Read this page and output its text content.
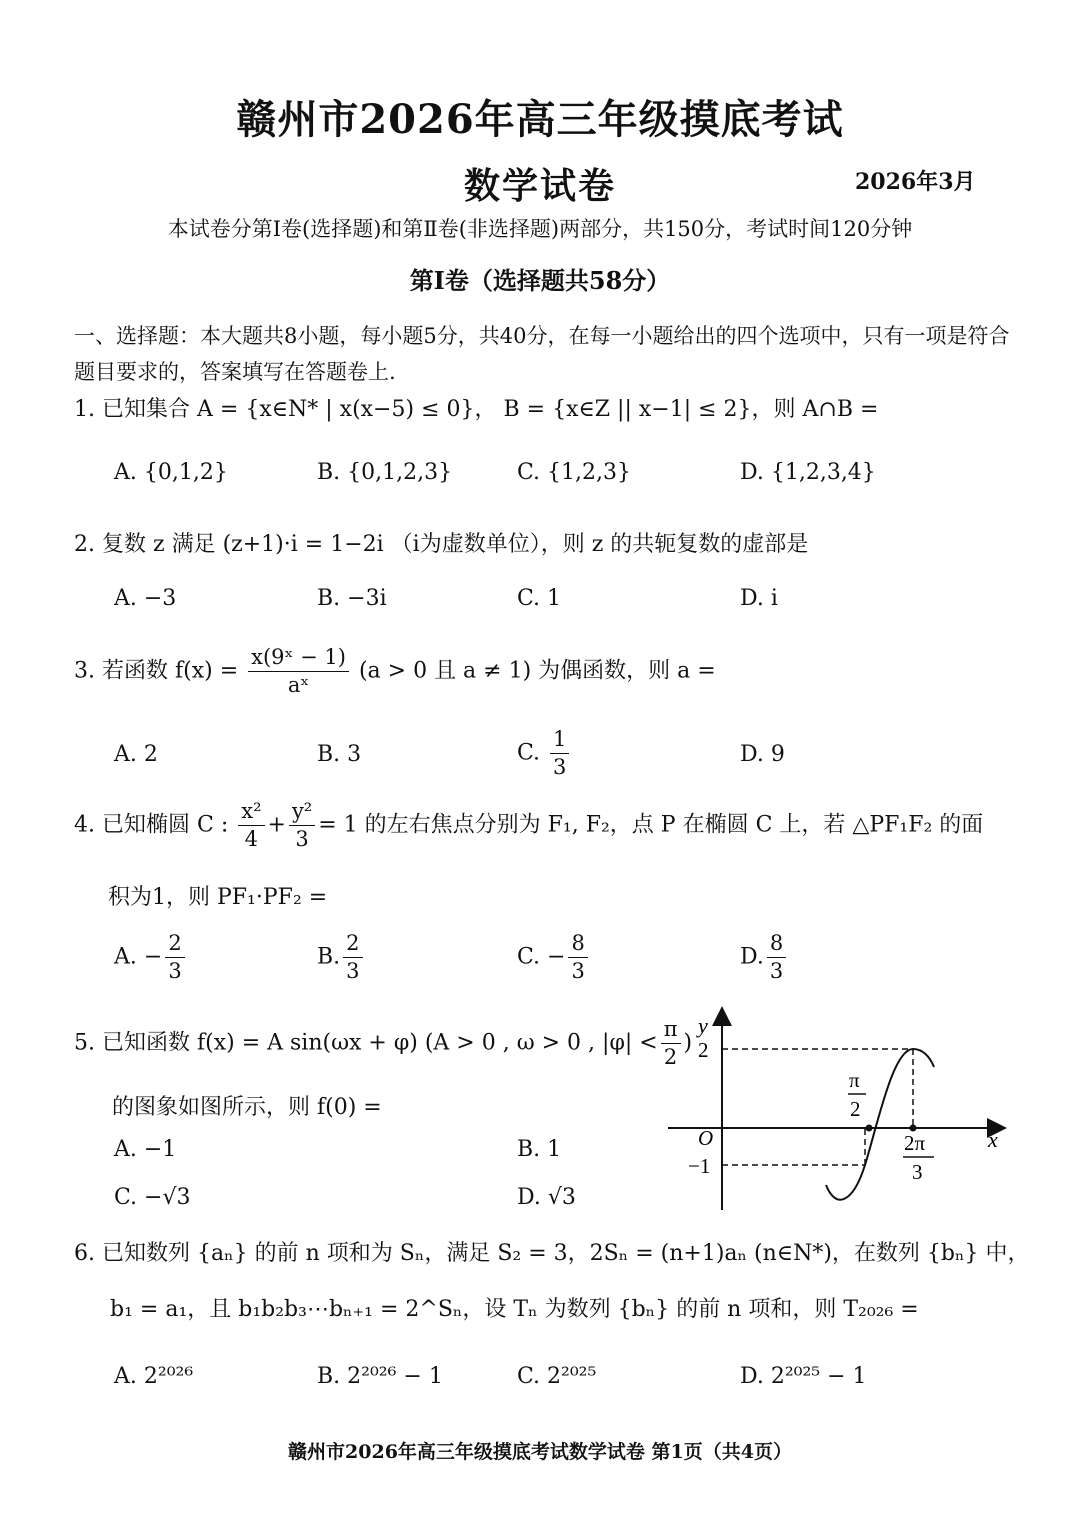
赣州市2026年高三年级摸底考试
数学试卷	2026年3月
本试卷分第Ⅰ卷(选择题)和第Ⅱ卷(非选择题)两部分，共150分，考试时间120分钟
第Ⅰ卷（选择题共58分）
一、选择题：本大题共8小题，每小题5分，共40分，在每一小题给出的四个选项中，只有一项是符合题目要求的，答案填写在答题卷上.
1. 已知集合 A = {x∈N* | x(x−5) ≤ 0}， B = {x∈Z || x−1| ≤ 2}，则 A∩B =
A. {0,1,2}	B. {0,1,2,3}	C. {1,2,3}	D. {1,2,3,4}
2. 复数 z 满足 (z+1)·i = 1−2i （i为虚数单位），则 z 的共轭复数的虚部是
A. −3	B. −3i	C. 1	D. i
3. 若函数 $f(x) = \frac{\text{x(9ˣ − 1)}}{\text{aˣ}} (a > 0$ 且 a ≠ 1) 为偶函数，则 a =
A. 2	B. 3	C. $\frac{1}{3}$	D. 9
4. 已知椭圆 C : $\frac{\text{x²}}{4} + \frac{\text{y²}}{3} = 1$ 的左右焦点分别为 F₁, F₂，点 P 在椭圆 C 上，若 △PF₁F₂ 的面
积为1，则 PF₁·PF₂ =
A. − $\frac{2}{3}$	B. $\frac{2}{3}$	C. − $\frac{8}{3}$	D. $\frac{8}{3}$
5. 已知函数 f(x) = A sin(ωx + φ) (A > 0 , ω > 0 , $|\varphi| < \frac{\pi}{2}$ )
的图象如图所示，则 f(0) =
A. −1	B. 1
C. −√3	D. √3
y
x
O
2
−1
π
2
2π
3
6. 已知数列 {aₙ} 的前 n 项和为 Sₙ，满足 S₂ = 3，2Sₙ = (n+1)aₙ (n∈N*)，在数列 {bₙ} 中，
b₁ = a₁，且 b₁b₂b₃⋯bₙ₊₁ = 2^Sₙ，设 Tₙ 为数列 {bₙ} 的前 n 项和，则 T₂₀₂₆ =
A. 2²⁰²⁶	B. 2²⁰²⁶ − 1	C. 2²⁰²⁵	D. 2²⁰²⁵ − 1
赣州市2026年高三年级摸底考试数学试卷 第1页（共4页）
